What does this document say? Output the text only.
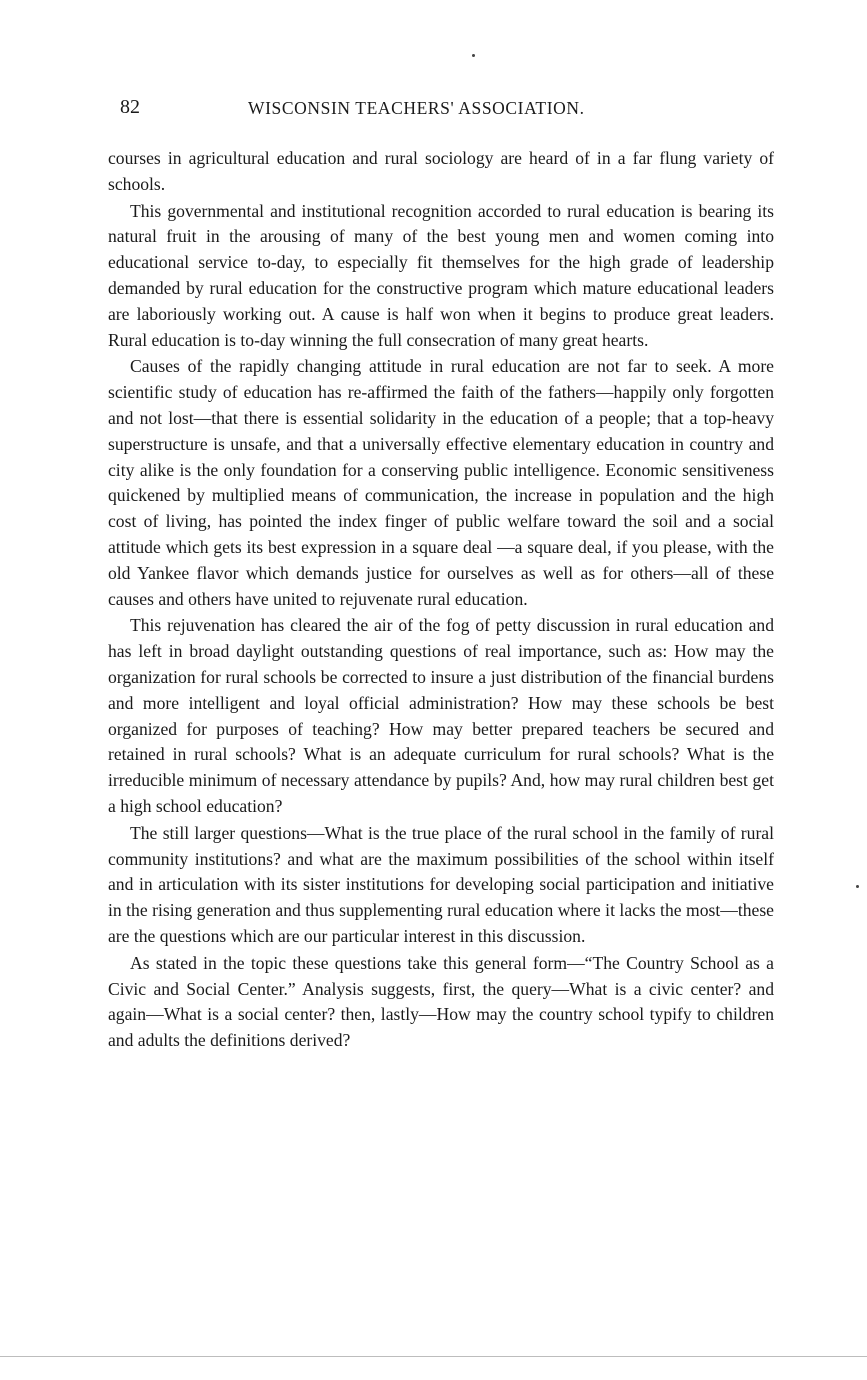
82	WISCONSIN TEACHERS' ASSOCIATION.

courses in agricultural education and rural sociology are heard of in a far flung variety of schools.

This governmental and institutional recognition accorded to rural education is bearing its natural fruit in the arousing of many of the best young men and women coming into educational service to-day, to especially fit themselves for the high grade of leadership demanded by rural education for the constructive program which mature educational leaders are laboriously working out. A cause is half won when it begins to produce great leaders. Rural education is to-day winning the full consecration of many great hearts.

Causes of the rapidly changing attitude in rural education are not far to seek. A more scientific study of education has re-affirmed the faith of the fathers—happily only forgotten and not lost—that there is essential solidarity in the education of a people; that a top-heavy superstructure is unsafe, and that a universally effective elementary education in country and city alike is the only foundation for a conserving public intelligence. Economic sensitiveness quickened by multiplied means of communication, the increase in population and the high cost of living, has pointed the index finger of public welfare toward the soil and a social attitude which gets its best expression in a square deal —a square deal, if you please, with the old Yankee flavor which demands justice for ourselves as well as for others—all of these causes and others have united to rejuvenate rural education.

This rejuvenation has cleared the air of the fog of petty discussion in rural education and has left in broad daylight outstanding questions of real importance, such as: How may the organization for rural schools be corrected to insure a just distribution of the financial burdens and more intelligent and loyal official administration? How may these schools be best organized for purposes of teaching? How may better prepared teachers be secured and retained in rural schools? What is an adequate curriculum for rural schools? What is the irreducible minimum of necessary attendance by pupils? And, how may rural children best get a high school education?

The still larger questions—What is the true place of the rural school in the family of rural community institutions? and what are the maximum possibilities of the school within itself and in articulation with its sister institutions for developing social participation and initiative in the rising generation and thus supplementing rural education where it lacks the most—these are the questions which are our particular interest in this discussion.

As stated in the topic these questions take this general form—“The Country School as a Civic and Social Center.” Analysis suggests, first, the query—What is a civic center? and again—What is a social center? then, lastly—How may the country school typify to children and adults the definitions derived?
